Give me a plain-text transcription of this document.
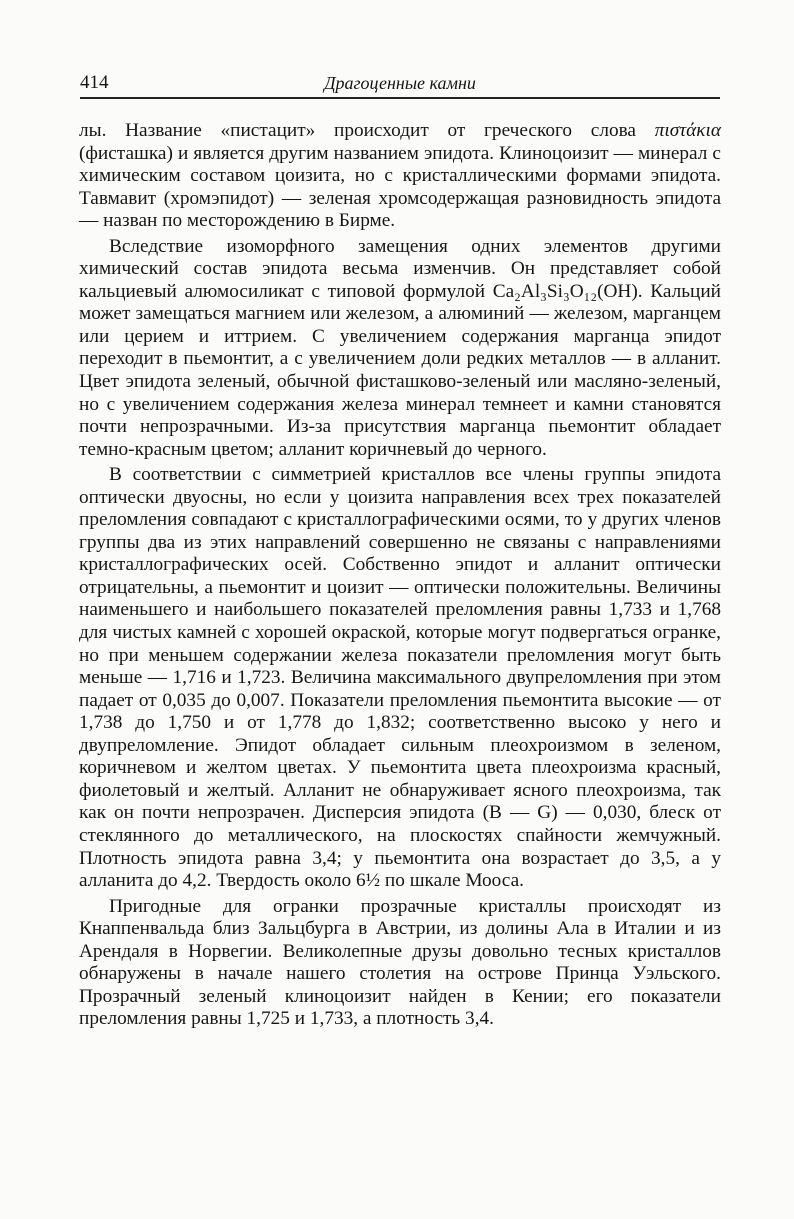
414	Драгоценные камни

лы. Название «пистацит» происходит от греческого слова πιστάκια (фисташка) и является другим названием эпидота. Клиноцоизит — минерал с химическим составом цоизита, но с кристаллическими формами эпидота. Тавмавит (хромэпидот) — зеленая хромсодержащая разновидность эпидота — назван по месторождению в Бирме.

Вследствие изоморфного замещения одних элементов другими химический состав эпидота весьма изменчив. Он представляет собой кальциевый алюмосиликат с типовой формулой Ca₂Al₃Si₃O₁₂(OH). Кальций может замещаться магнием или железом, а алюминий — железом, марганцем или церием и иттрием. С увеличением содержания марганца эпидот переходит в пьемонтит, а с увеличением доли редких металлов — в алланит. Цвет эпидота зеленый, обычной фисташково-зеленый или масляно-зеленый, но с увеличением содержания железа минерал темнеет и камни становятся почти непрозрачными. Из-за присутствия марганца пьемонтит обладает темно-красным цветом; алланит коричневый до черного.

В соответствии с симметрией кристаллов все члены группы эпидота оптически двуосны, но если у цоизита направления всех трех показателей преломления совпадают с кристаллографическими осями, то у других членов группы два из этих направлений совершенно не связаны с направлениями кристаллографических осей. Собственно эпидот и алланит оптически отрицательны, а пьемонтит и цоизит — оптически положительны. Величины наименьшего и наибольшего показателей преломления равны 1,733 и 1,768 для чистых камней с хорошей окраской, которые могут подвергаться огранке, но при меньшем содержании железа показатели преломления могут быть меньше — 1,716 и 1,723. Величина максимального двупреломления при этом падает от 0,035 до 0,007. Показатели преломления пьемонтита высокие — от 1,738 до 1,750 и от 1,778 до 1,832; соответственно высоко у него и двупреломление. Эпидот обладает сильным плеохроизмом в зеленом, коричневом и желтом цветах. У пьемонтита цвета плеохроизма красный, фиолетовый и желтый. Алланит не обнаруживает ясного плеохроизма, так как он почти непрозрачен. Дисперсия эпидота (B — G) — 0,030, блеск от стеклянного до металлического, на плоскостях спайности жемчужный. Плотность эпидота равна 3,4; у пьемонтита она возрастает до 3,5, а у алланита до 4,2. Твердость около 6½ по шкале Мооса.

Пригодные для огранки прозрачные кристаллы происходят из Кнаппенвальда близ Зальцбурга в Австрии, из долины Ала в Италии и из Арендаля в Норвегии. Великолепные друзы довольно тесных кристаллов обнаружены в начале нашего столетия на острове Принца Уэльского. Прозрачный зеленый клиноцоизит найден в Кении; его показатели преломления равны 1,725 и 1,733, а плотность 3,4.
